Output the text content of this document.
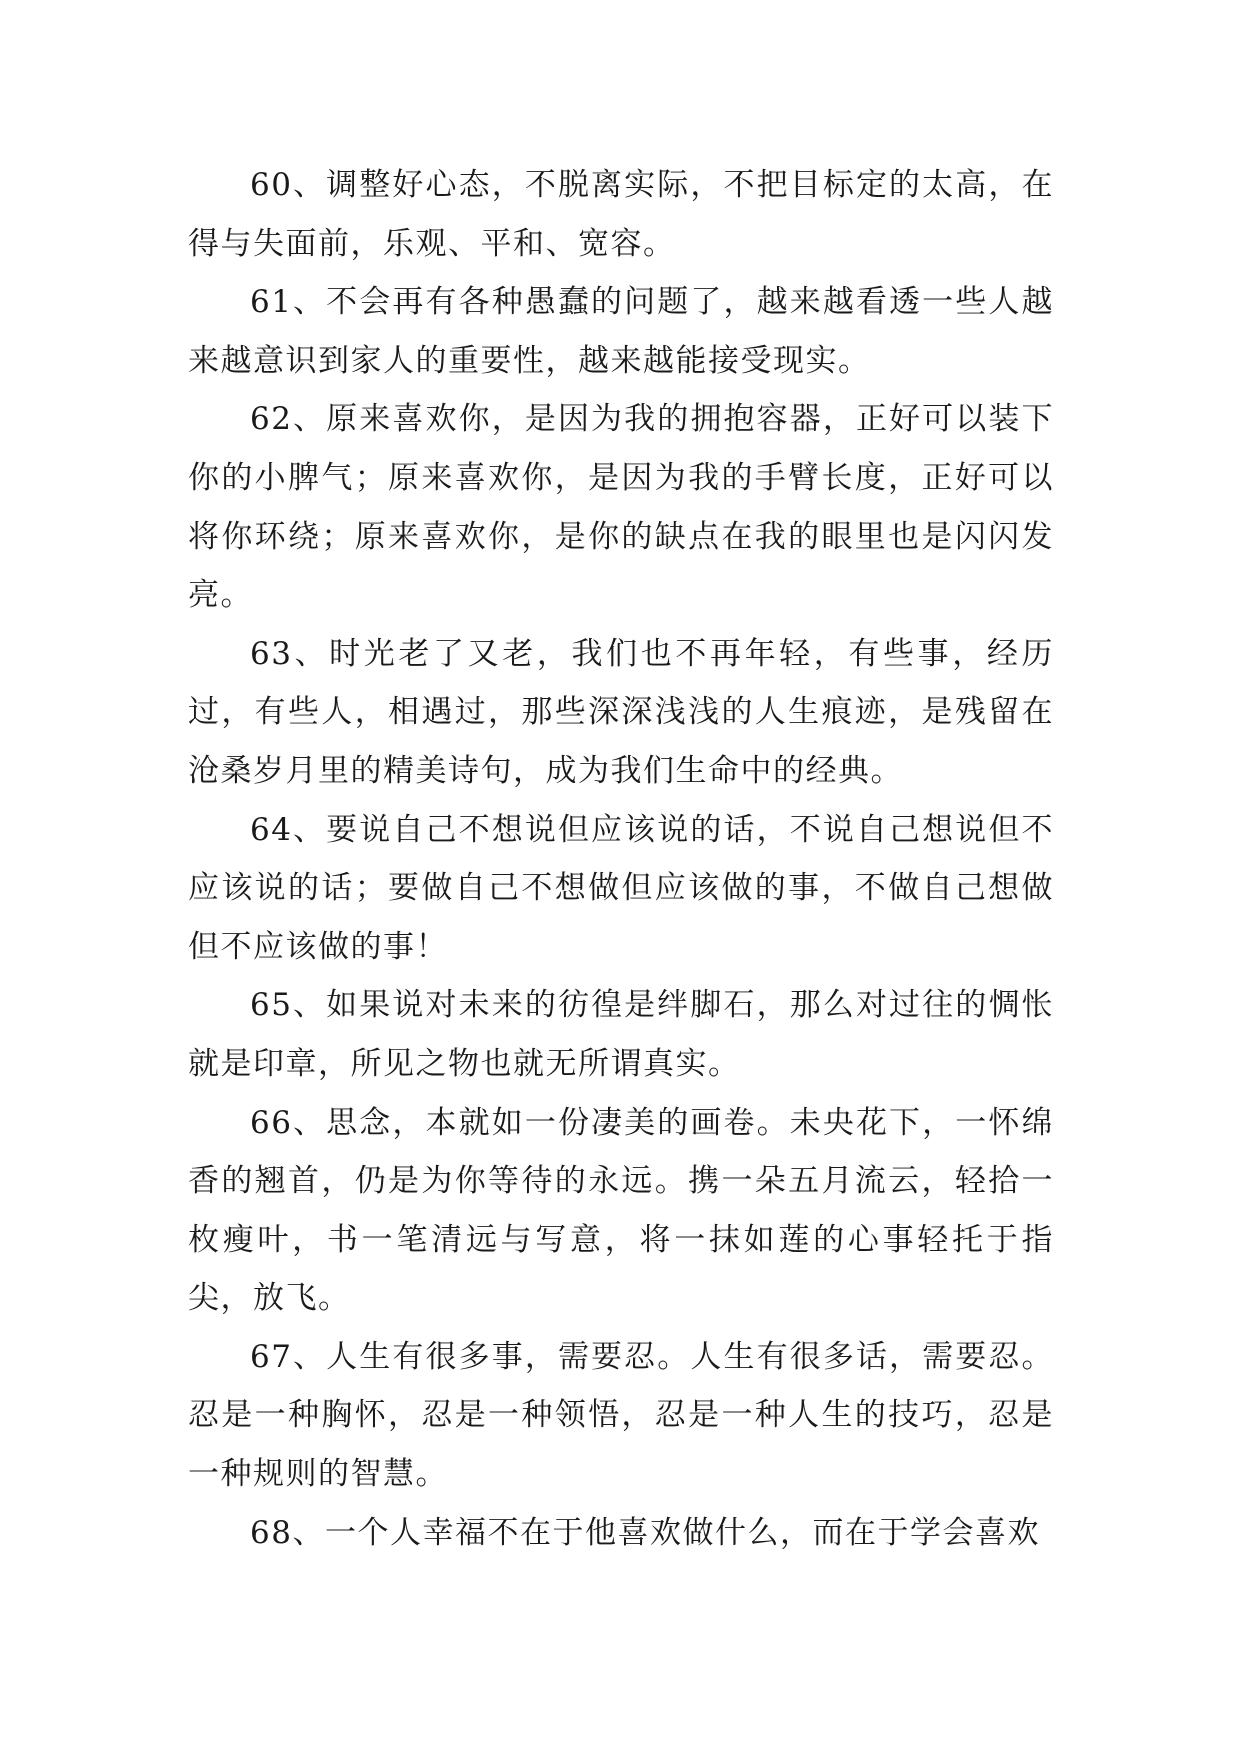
60、调整好心态，不脱离实际，不把目标定的太高，在得与失面前，乐观、平和、宽容。

61、不会再有各种愚蠢的问题了，越来越看透一些人越来越意识到家人的重要性，越来越能接受现实。

62、原来喜欢你，是因为我的拥抱容器，正好可以装下你的小脾气；原来喜欢你，是因为我的手臂长度，正好可以将你环绕；原来喜欢你，是你的缺点在我的眼里也是闪闪发亮。

63、时光老了又老，我们也不再年轻，有些事，经历过，有些人，相遇过，那些深深浅浅的人生痕迹，是残留在沧桑岁月里的精美诗句，成为我们生命中的经典。

64、要说自己不想说但应该说的话，不说自己想说但不应该说的话；要做自己不想做但应该做的事，不做自己想做但不应该做的事！

65、如果说对未来的彷徨是绊脚石，那么对过往的惆怅就是印章，所见之物也就无所谓真实。

66、思念，本就如一份凄美的画卷。未央花下，一怀绵香的翘首，仍是为你等待的永远。携一朵五月流云，轻拾一枚瘦叶，书一笔清远与写意，将一抹如莲的心事轻托于指尖，放飞。

67、人生有很多事，需要忍。人生有很多话，需要忍。忍是一种胸怀，忍是一种领悟，忍是一种人生的技巧，忍是一种规则的智慧。

68、一个人幸福不在于他喜欢做什么，而在于学会喜欢
